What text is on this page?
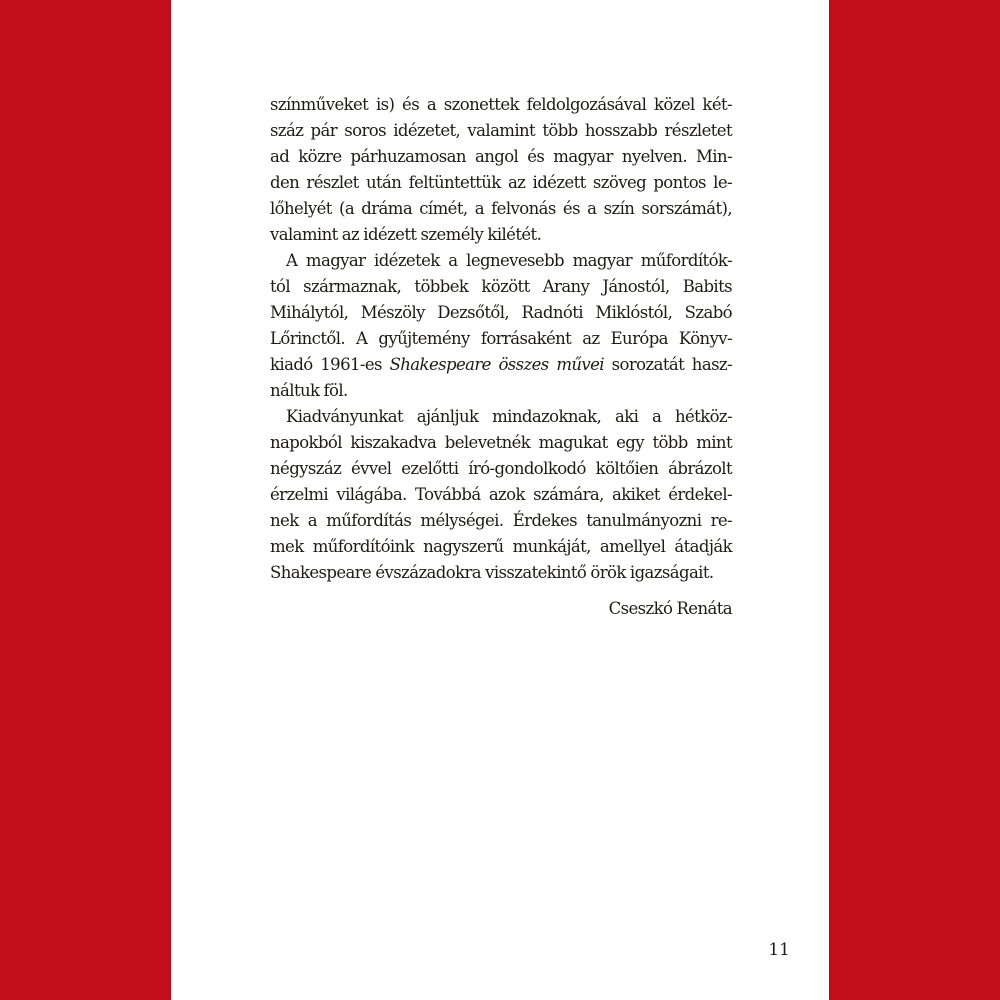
színműveket is) és a szonettek feldolgozásával közel két-
száz pár soros idézetet, valamint több hosszabb részletet
ad közre párhuzamosan angol és magyar nyelven. Min-
den részlet után feltüntettük az idézett szöveg pontos le-
lőhelyét (a dráma címét, a felvonás és a szín sorszámát),
valamint az idézett személy kilétét.
A magyar idézetek a legnevesebb magyar műfordítók-
tól származnak, többek között Arany Jánostól, Babits
Mihálytól, Mészöly Dezsőtől, Radnóti Miklóstól, Szabó
Lőrinctől. A gyűjtemény forrásaként az Európa Könyv-
kiadó 1961-es Shakespeare összes művei sorozatát hasz-
náltuk föl.
Kiadványunkat ajánljuk mindazoknak, aki a hétköz-
napokból kiszakadva belevetnék magukat egy több mint
négyszáz évvel ezelőtti író-gondolkodó költőien ábrázolt
érzelmi világába. Továbbá azok számára, akiket érdekel-
nek a műfordítás mélységei. Érdekes tanulmányozni re-
mek műfordítóink nagyszerű munkáját, amellyel átadják
Shakespeare évszázadokra visszatekintő örök igazságait.
Cseszkó Renáta
11
